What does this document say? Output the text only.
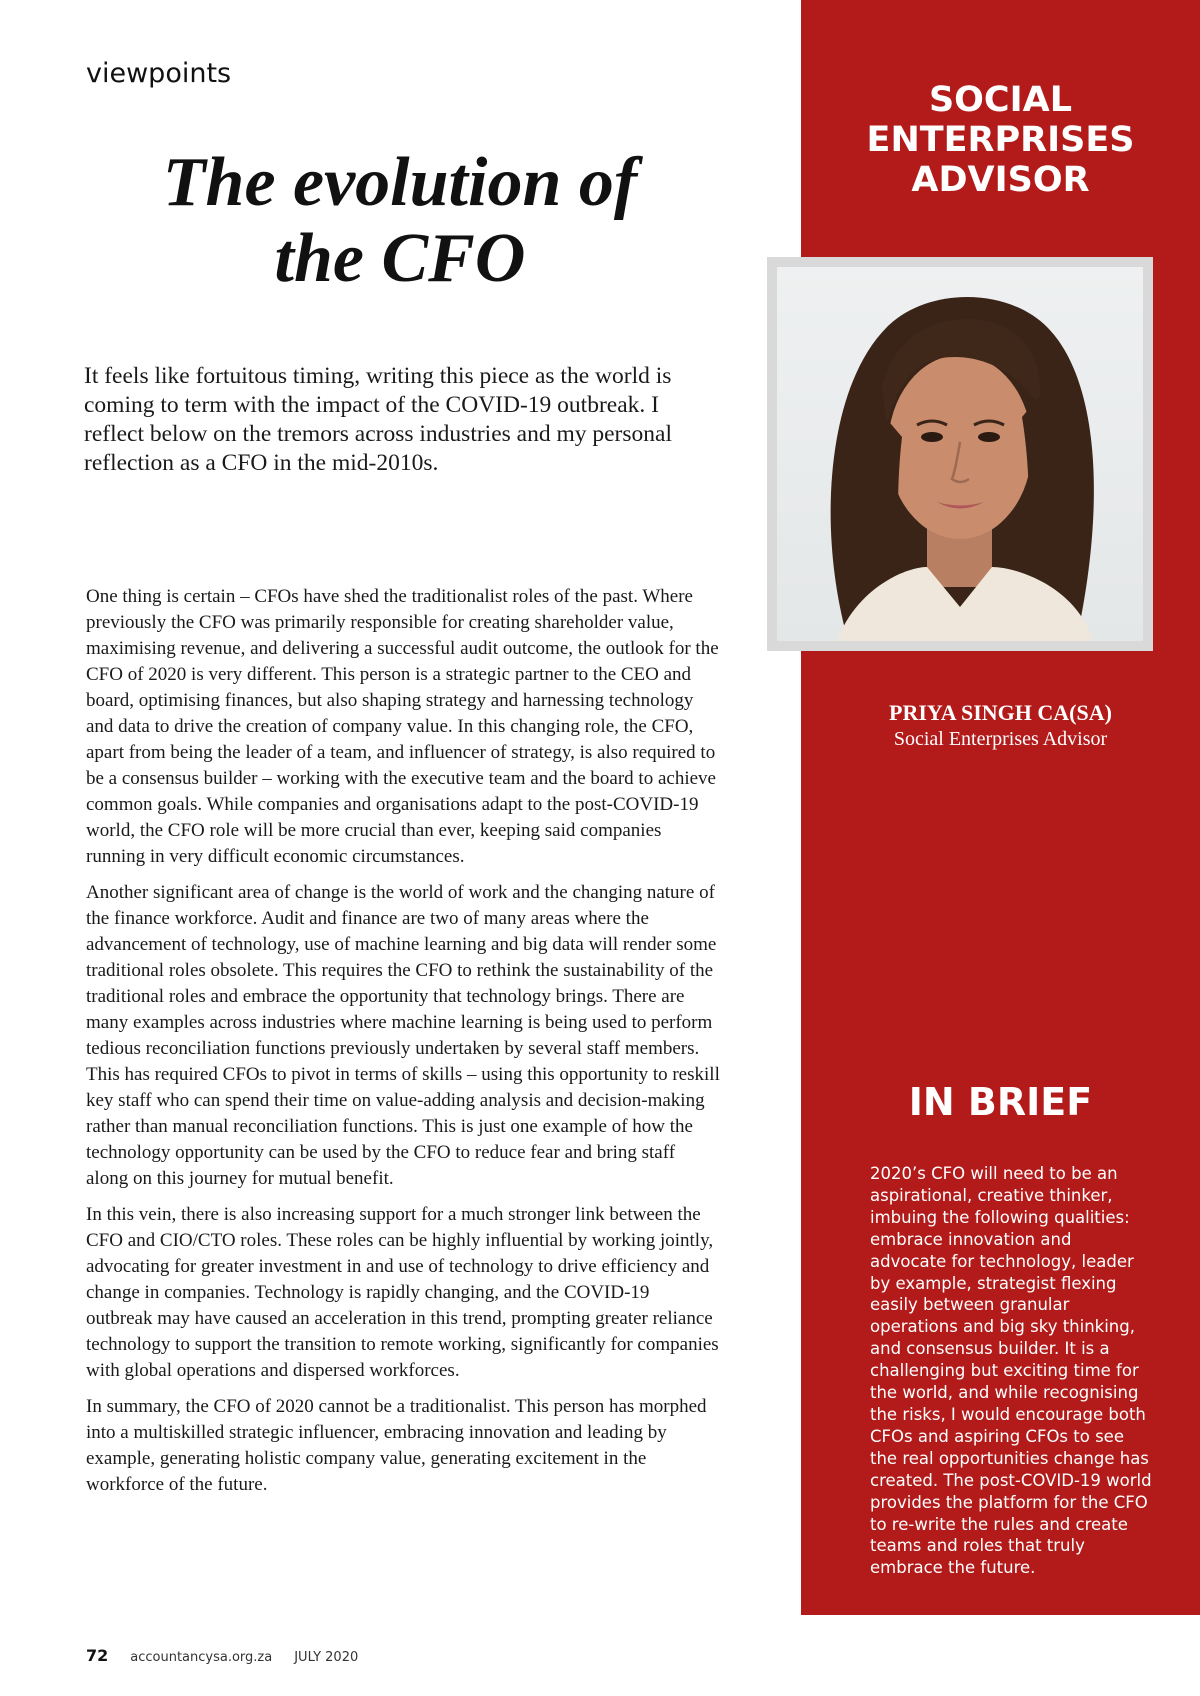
viewpoints
The evolution of the CFO
It feels like fortuitous timing, writing this piece as the world is coming to term with the impact of the COVID-19 outbreak. I reflect below on the tremors across industries and my personal reflection as a CFO in the mid-2010s.

One thing is certain – CFOs have shed the traditionalist roles of the past. Where previously the CFO was primarily responsible for creating shareholder value, maximising revenue, and delivering a successful audit outcome, the outlook for the CFO of 2020 is very different. This person is a strategic partner to the CEO and board, optimising finances, but also shaping strategy and harnessing technology and data to drive the creation of company value. In this changing role, the CFO, apart from being the leader of a team, and influencer of strategy, is also required to be a consensus builder – working with the executive team and the board to achieve common goals. While companies and organisations adapt to the post-COVID-19 world, the CFO role will be more crucial than ever, keeping said companies running in very difficult economic circumstances.

Another significant area of change is the world of work and the changing nature of the finance workforce. Audit and finance are two of many areas where the advancement of technology, use of machine learning and big data will render some traditional roles obsolete. This requires the CFO to rethink the sustainability of the traditional roles and embrace the opportunity that technology brings. There are many examples across industries where machine learning is being used to perform tedious reconciliation functions previously undertaken by several staff members. This has required CFOs to pivot in terms of skills – using this opportunity to reskill key staff who can spend their time on value-adding analysis and decision-making rather than manual reconciliation functions. This is just one example of how the technology opportunity can be used by the CFO to reduce fear and bring staff along on this journey for mutual benefit.

In this vein, there is also increasing support for a much stronger link between the CFO and CIO/CTO roles. These roles can be highly influential by working jointly, advocating for greater investment in and use of technology to drive efficiency and change in companies. Technology is rapidly changing, and the COVID-19 outbreak may have caused an acceleration in this trend, prompting greater reliance technology to support the transition to remote working, significantly for companies with global operations and dispersed workforces.

In summary, the CFO of 2020 cannot be a traditionalist. This person has morphed into a multiskilled strategic influencer, embracing innovation and leading by example, generating holistic company value, generating excitement in the workforce of the future.

SOCIAL ENTERPRISES ADVISOR
PRIYA SINGH CA(SA)
Social Enterprises Advisor
IN BRIEF
2020’s CFO will need to be an aspirational, creative thinker, imbuing the following qualities: embrace innovation and advocate for technology, leader by example, strategist flexing easily between granular operations and big sky thinking, and consensus builder. It is a challenging but exciting time for the world, and while recognising the risks, I would encourage both CFOs and aspiring CFOs to see the real opportunities change has created. The post-COVID-19 world provides the platform for the CFO to re-write the rules and create teams and roles that truly embrace the future.
72 accountancysa.org.za JULY 2020
